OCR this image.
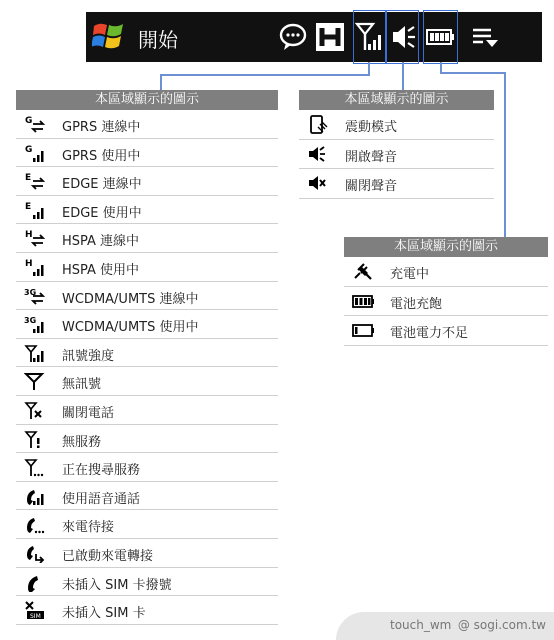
開始
本區域顯示的圖示
G GPRS 連線中
G GPRS 使用中
E EDGE 連線中
E EDGE 使用中
H HSPA 連線中
H HSPA 使用中
3G WCDMA/UMTS 連線中
3G WCDMA/UMTS 使用中
訊號強度
無訊號
關閉電話
無服務
正在搜尋服務
使用語音通話
來電待接
已啟動來電轉接
未插入 SIM 卡撥號
SIM 未插入 SIM 卡
本區域顯示的圖示
震動模式
開啟聲音
關閉聲音
本區域顯示的圖示
充電中
電池充飽
電池電力不足
touch_wm @ sogi.com.tw
